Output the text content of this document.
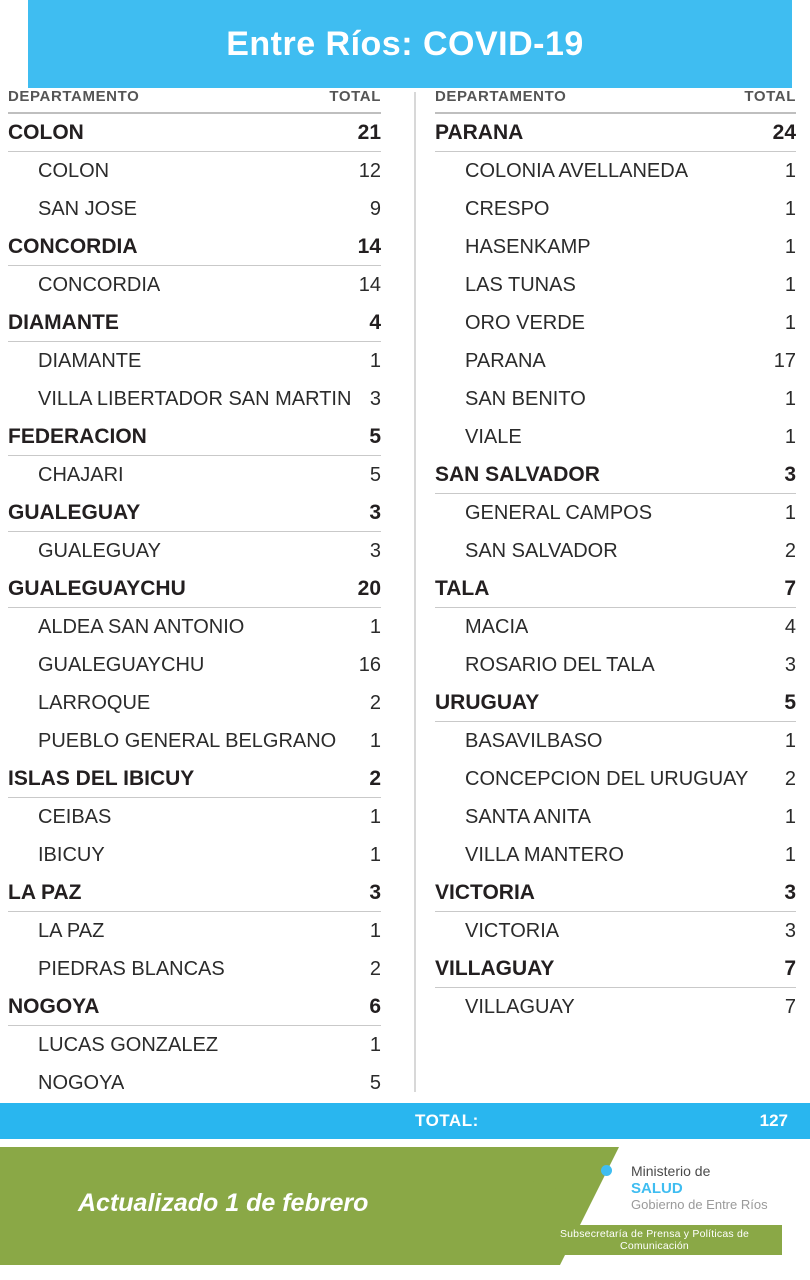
Entre Ríos: COVID-19
DEPARTAMENTO	TOTAL
COLON	21
COLON	12
SAN JOSE	9
CONCORDIA	14
CONCORDIA	14
DIAMANTE	4
DIAMANTE	1
VILLA LIBERTADOR SAN MARTIN 3
FEDERACION	5
CHAJARI	5
GUALEGUAY	3
GUALEGUAY	3
GUALEGUAYCHU	20
ALDEA SAN ANTONIO	1
GUALEGUAYCHU	16
LARROQUE	2
PUEBLO GENERAL BELGRANO	1
ISLAS DEL IBICUY	2
CEIBAS	1
IBICUY	1
LA PAZ	3
LA PAZ	1
PIEDRAS BLANCAS	2
NOGOYA	6
LUCAS GONZALEZ	1
NOGOYA	5
DEPARTAMENTO	TOTAL
PARANA	24
COLONIA AVELLANEDA	1
CRESPO	1
HASENKAMP	1
LAS TUNAS	1
ORO VERDE	1
PARANA	17
SAN BENITO	1
VIALE	1
SAN SALVADOR	3
GENERAL CAMPOS	1
SAN SALVADOR	2
TALA	7
MACIA	4
ROSARIO DEL TALA	3
URUGUAY	5
BASAVILBASO	1
CONCEPCION DEL URUGUAY	2
SANTA ANITA	1
VILLA MANTERO	1
VICTORIA	3
VICTORIA	3
VILLAGUAY	7
VILLAGUAY	7
TOTAL:	127
Actualizado 1 de febrero	er	Ministerio de
SALUD
Gobierno de Entre Ríos
Subsecretaría de Prensa y Políticas de Comunicación
